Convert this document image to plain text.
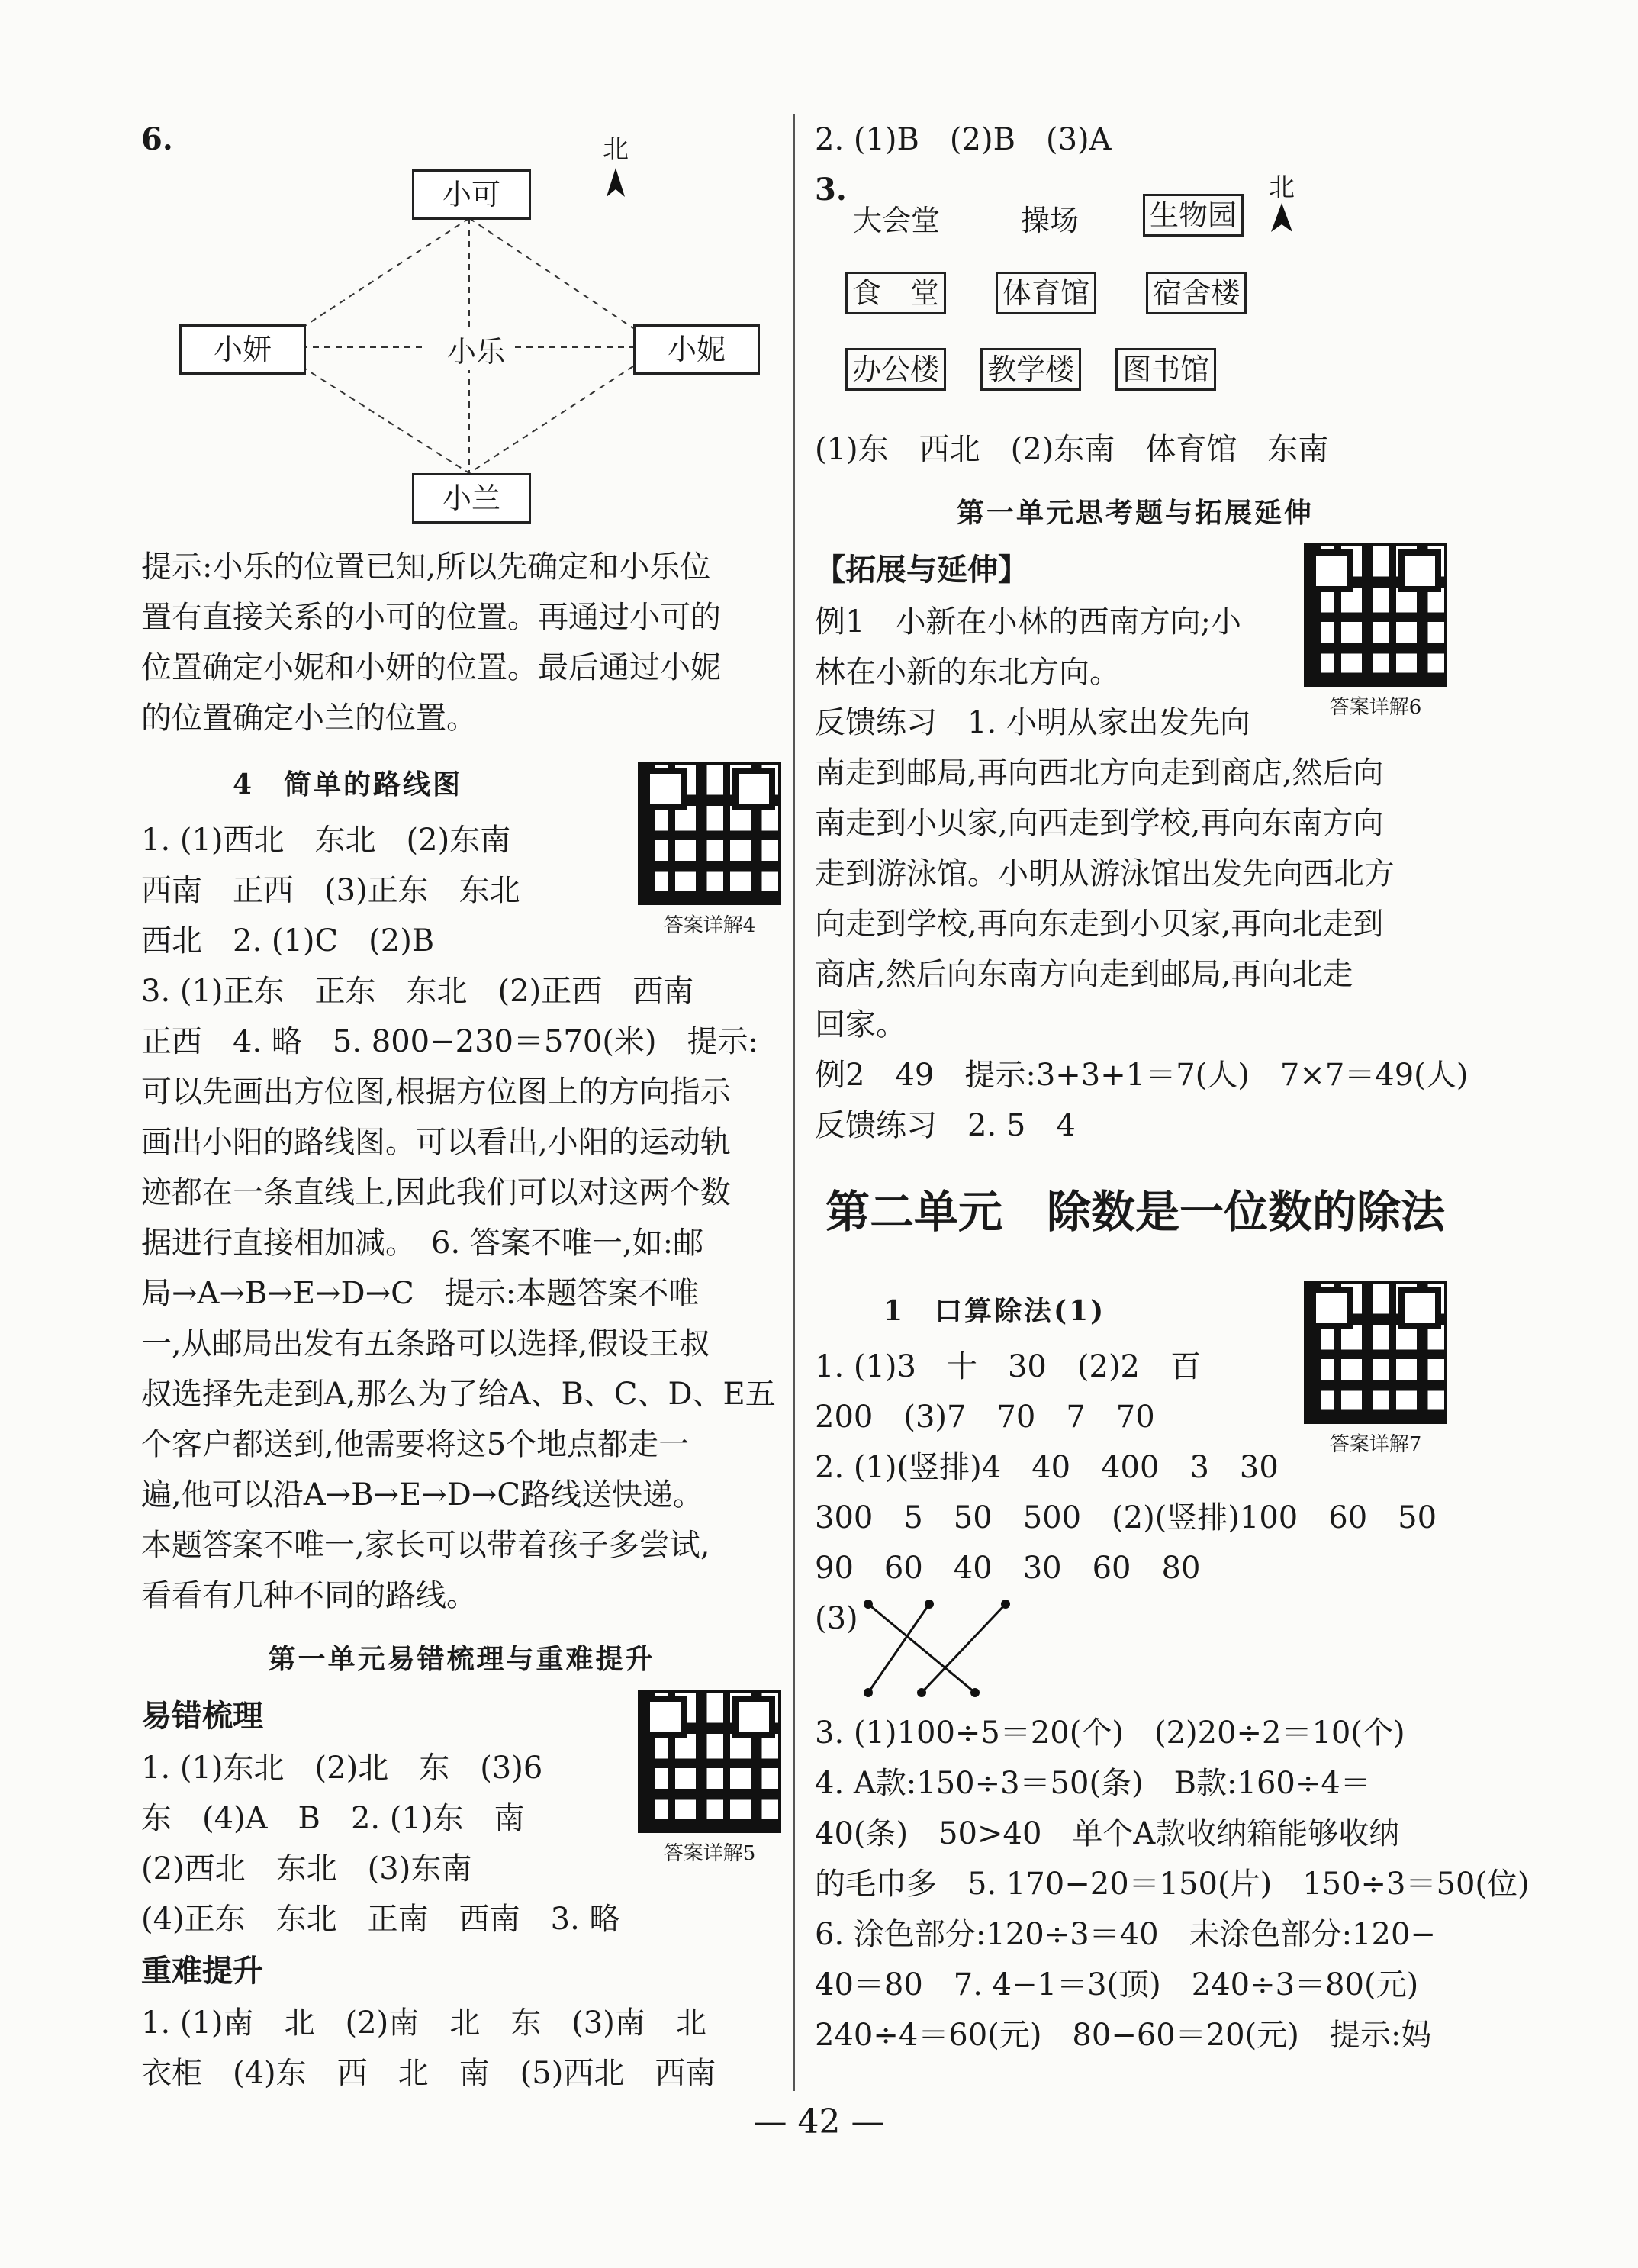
6.	北
小可
小妍	小乐	小妮
小兰
提示:小乐的位置已知,所以先确定和小乐位
置有直接关系的小可的位置。再通过小可的
位置确定小妮和小妍的位置。最后通过小妮
的位置确定小兰的位置。
4　简单的路线图
答案详解4
1. (1)西北　东北　(2)东南
西南　正西　(3)正东　东北
西北　2. (1)C　(2)B
3. (1)正东　正东　东北　(2)正西　西南
正西　4. 略　5. 800−230＝570(米)　提示:
可以先画出方位图,根据方位图上的方向指示
画出小阳的路线图。可以看出,小阳的运动轨
迹都在一条直线上,因此我们可以对这两个数
据进行直接相加减。　6. 答案不唯一,如:邮
局→A→B→E→D→C　提示:本题答案不唯
一,从邮局出发有五条路可以选择,假设王叔
叔选择先走到A,那么为了给A、B、C、D、E五
个客户都送到,他需要将这5个地点都走一
遍,他可以沿A→B→E→D→C路线送快递。
本题答案不唯一,家长可以带着孩子多尝试,
看看有几种不同的路线。
第一单元易错梳理与重难提升
答案详解5
易错梳理
1. (1)东北　(2)北　东　(3)6
东　(4)A　B　2. (1)东　南
(2)西北　东北　(3)东南
(4)正东　东北　正南　西南　3. 略
重难提升
1. (1)南　北　(2)南　北　东　(3)南　北
衣柜　(4)东　西　北　南　(5)西北　西南
2. (1)B　(2)B　(3)A
3.
大会堂	操场 生物园
北
食　堂 体育馆 宿舍楼
办公楼 教学楼 图书馆
(1)东　西北　(2)东南　体育馆　东南
第一单元思考题与拓展延伸
答案详解6
【拓展与延伸】
例1　小新在小林的西南方向;小
林在小新的东北方向。
反馈练习　1. 小明从家出发先向
南走到邮局,再向西北方向走到商店,然后向
南走到小贝家,向西走到学校,再向东南方向
走到游泳馆。小明从游泳馆出发先向西北方
向走到学校,再向东走到小贝家,再向北走到
商店,然后向东南方向走到邮局,再向北走
回家。
例2　49　提示:3+3+1＝7(人)　7×7＝49(人)
反馈练习　2. 5　4
第二单元　除数是一位数的除法
1　口算除法(1)
答案详解7
1. (1)3　十　30　(2)2　百
200　(3)7　70　7　70
2. (1)(竖排)4　40　400　3　30
300　5　50　500　(2)(竖排)100　60　50
90　60　40　30　60　80
(3)
3. (1)100÷5＝20(个)　(2)20÷2＝10(个)
4. A款:150÷3＝50(条)　B款:160÷4＝
40(条)　50>40　单个A款收纳箱能够收纳
的毛巾多　5. 170−20＝150(片)　150÷3＝50(位)
6. 涂色部分:120÷3＝40　未涂色部分:120−
40＝80　7. 4−1＝3(顶)　240÷3＝80(元)
240÷4＝60(元)　80−60＝20(元)　提示:妈
— 42 —
